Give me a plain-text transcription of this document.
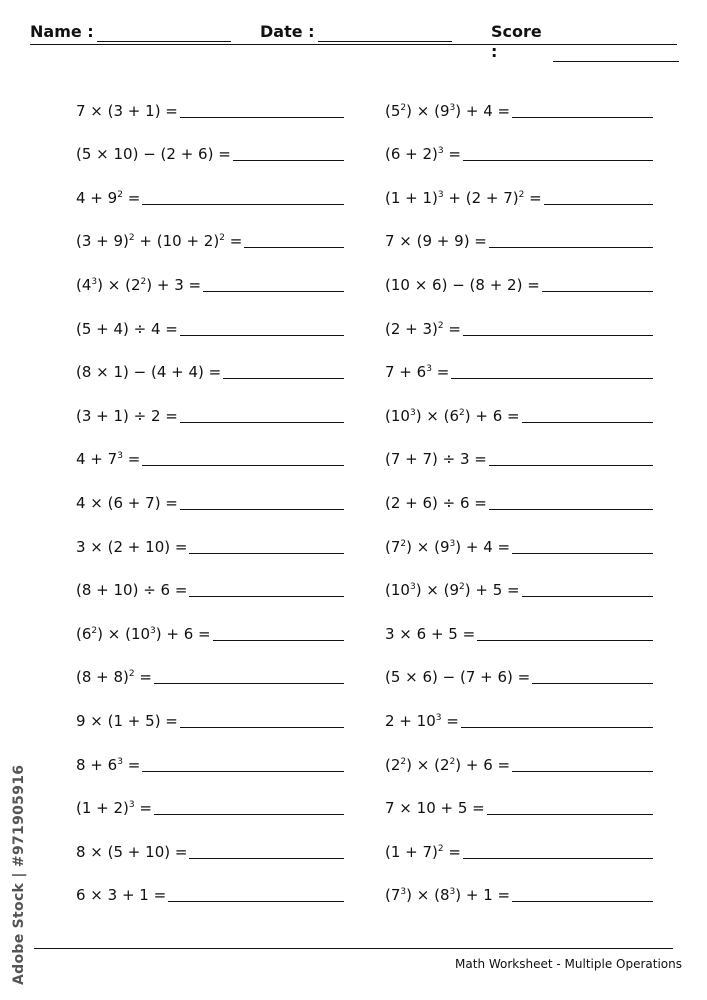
Name :	Date :	Score :
7 × (3 + 1) =
(5 × 10) − (2 + 6) =
$4 + 9^2$ =
$(3 + 9)^2 + (10 + 2)^2$ =
$(4^3) \times (2^2) + 3$ =
(5 + 4) ÷ 4 =
(8 × 1) − (4 + 4) =
(3 + 1) ÷ 2 =
$4 + 7^3$ =
4 × (6 + 7) =
3 × (2 + 10) =
(8 + 10) ÷ 6 =
$(6^2) \times (10^3) + 6$ =
$(8 + 8)^2$ =
9 × (1 + 5) =
$8 + 6^3$ =
$(1 + 2)^3$ =
8 × (5 + 10) =
6 × 3 + 1 =
$(5^2) \times (9^3) + 4$ =
$(6 + 2)^3$ =
$(1 + 1)^3 + (2 + 7)^2$ =
7 × (9 + 9) =
(10 × 6) − (8 + 2) =
$(2 + 3)^2$ =
$7 + 6^3$ =
$(10^3) \times (6^2) + 6$ =
(7 + 7) ÷ 3 =
(2 + 6) ÷ 6 =
$(7^2) \times (9^3) + 4$ =
$(10^3) \times (9^2) + 5$ =
3 × 6 + 5 =
(5 × 6) − (7 + 6) =
$2 + 10^3$ =
$(2^2) \times (2^2) + 6$ =
7 × 10 + 5 =
$(1 + 7)^2$ =
$(7^3) \times (8^3) + 1$ =
Math Worksheet - Multiple Operations
Adobe Stock | #971905916
